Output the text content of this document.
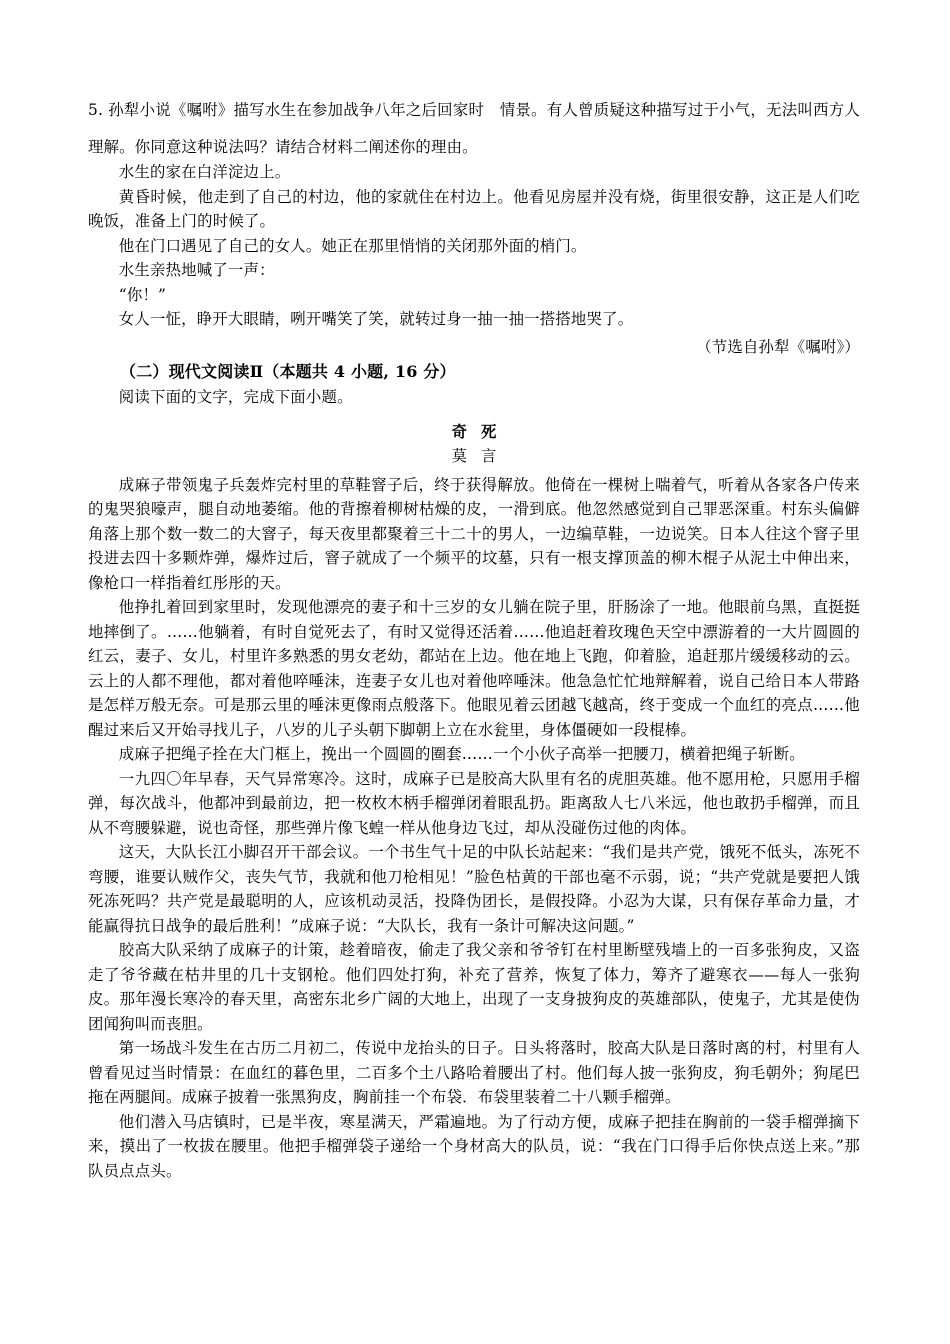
5. 孙犁小说《嘱咐》描写水生在参加战争八年之后回家时　情景。有人曾质疑这种描写过于小气，无法叫西方人理解。你同意这种说法吗？请结合材料二阐述你的理由。

水生的家在白洋淀边上。

黄昏时候，他走到了自己的村边，他的家就住在村边上。他看见房屋并没有烧，街里很安静，这正是人们吃晚饭，准备上门的时候了。

他在门口遇见了自己的女人。她正在那里悄悄的关闭那外面的梢门。

水生亲热地喊了一声：

“你！”

女人一怔，睁开大眼睛，咧开嘴笑了笑，就转过身一抽一抽一搭搭地哭了。

（节选自孙犁《嘱咐》）

（二）现代文阅读Ⅱ（本题共 4 小题, 16 分）

阅读下面的文字，完成下面小题。

奇死

莫言

成麻子带领鬼子兵轰炸完村里的草鞋窨子后，终于获得解放。他倚在一棵树上喘着气，听着从各家各户传来的鬼哭狼嚎声，腿自动地萎缩。他的背擦着柳树枯燥的皮，一滑到底。他忽然感觉到自己罪恶深重。村东头偏僻角落上那个数一数二的大窨子，每天夜里都聚着三十二十的男人，一边编草鞋，一边说笑。日本人往这个窨子里投进去四十多颗炸弹，爆炸过后，窨子就成了一个频平的坟墓，只有一根支撑顶盖的柳木棍子从泥土中伸出来，像枪口一样指着红彤彤的天。

他挣扎着回到家里时，发现他漂亮的妻子和十三岁的女儿躺在院子里，肝肠涂了一地。他眼前乌黑，直挺挺地摔倒了。……他躺着，有时自觉死去了，有时又觉得还活着……他追赶着玫瑰色天空中漂游着的一大片圆圆的红云，妻子、女儿，村里许多熟悉的男女老幼，都站在上边。他在地上飞跑，仰着脸，追赶那片缓缓移动的云。云上的人都不理他，都对着他啐唾沫，连妻子女儿也对着他啐唾沫。他急急忙忙地辩解着，说自己给日本人带路是怎样万般无奈。可是那云里的唾沫更像雨点般落下。他眼见着云团越飞越高，终于变成一个血红的亮点……他醒过来后又开始寻找儿子，八岁的儿子头朝下脚朝上立在水瓮里，身体僵硬如一段棍棒。

成麻子把绳子拴在大门框上，挽出一个圆圆的圈套……一个小伙子高举一把腰刀，横着把绳子斩断。

一九四〇年早春，天气异常寒冷。这时，成麻子已是胶高大队里有名的虎胆英雄。他不愿用枪，只愿用手榴弹，每次战斗，他都冲到最前边，把一枚枚木柄手榴弹闭着眼乱扔。距离敌人七八米远，他也敢扔手榴弹，而且从不弯腰躲避，说也奇怪，那些弹片像飞蝗一样从他身边飞过，却从没碰伤过他的肉体。

这天，大队长江小脚召开干部会议。一个书生气十足的中队长站起来：“我们是共产党，饿死不低头，冻死不弯腰，谁要认贼作父，丧失气节，我就和他刀枪相见！”脸色枯黄的干部也毫不示弱，说；“共产党就是要把人饿死冻死吗？共产党是最聪明的人，应该机动灵活，投降伪团长，是假投降。小忍为大谋，只有保存革命力量，才能赢得抗日战争的最后胜利！”成麻子说：“大队长，我有一条计可解决这问题。”

胶高大队采纳了成麻子的计策，趁着暗夜，偷走了我父亲和爷爷钉在村里断壁残墙上的一百多张狗皮，又盗走了爷爷藏在枯井里的几十支钢枪。他们四处打狗，补充了营养，恢复了体力，筹齐了避寒衣——每人一张狗皮。那年漫长寒冷的春天里，高密东北乡广阔的大地上，出现了一支身披狗皮的英雄部队，使鬼子，尤其是使伪团闻狗叫而丧胆。

第一场战斗发生在古历二月初二，传说中龙抬头的日子。日头将落时，胶高大队是日落时离的村，村里有人曾看见过当时情景：在血红的暮色里，二百多个土八路哈着腰出了村。他们每人披一张狗皮，狗毛朝外；狗尾巴拖在两腿间。成麻子披着一张黑狗皮，胸前挂一个布袋．布袋里装着二十八颗手榴弹。

他们潜入马店镇时，已是半夜，寒星满天，严霜遍地。为了行动方便，成麻子把挂在胸前的一袋手榴弹摘下来，摸出了一枚拔在腰里。他把手榴弹袋子递给一个身材高大的队员，说：“我在门口得手后你快点送上来。”那队员点点头。
